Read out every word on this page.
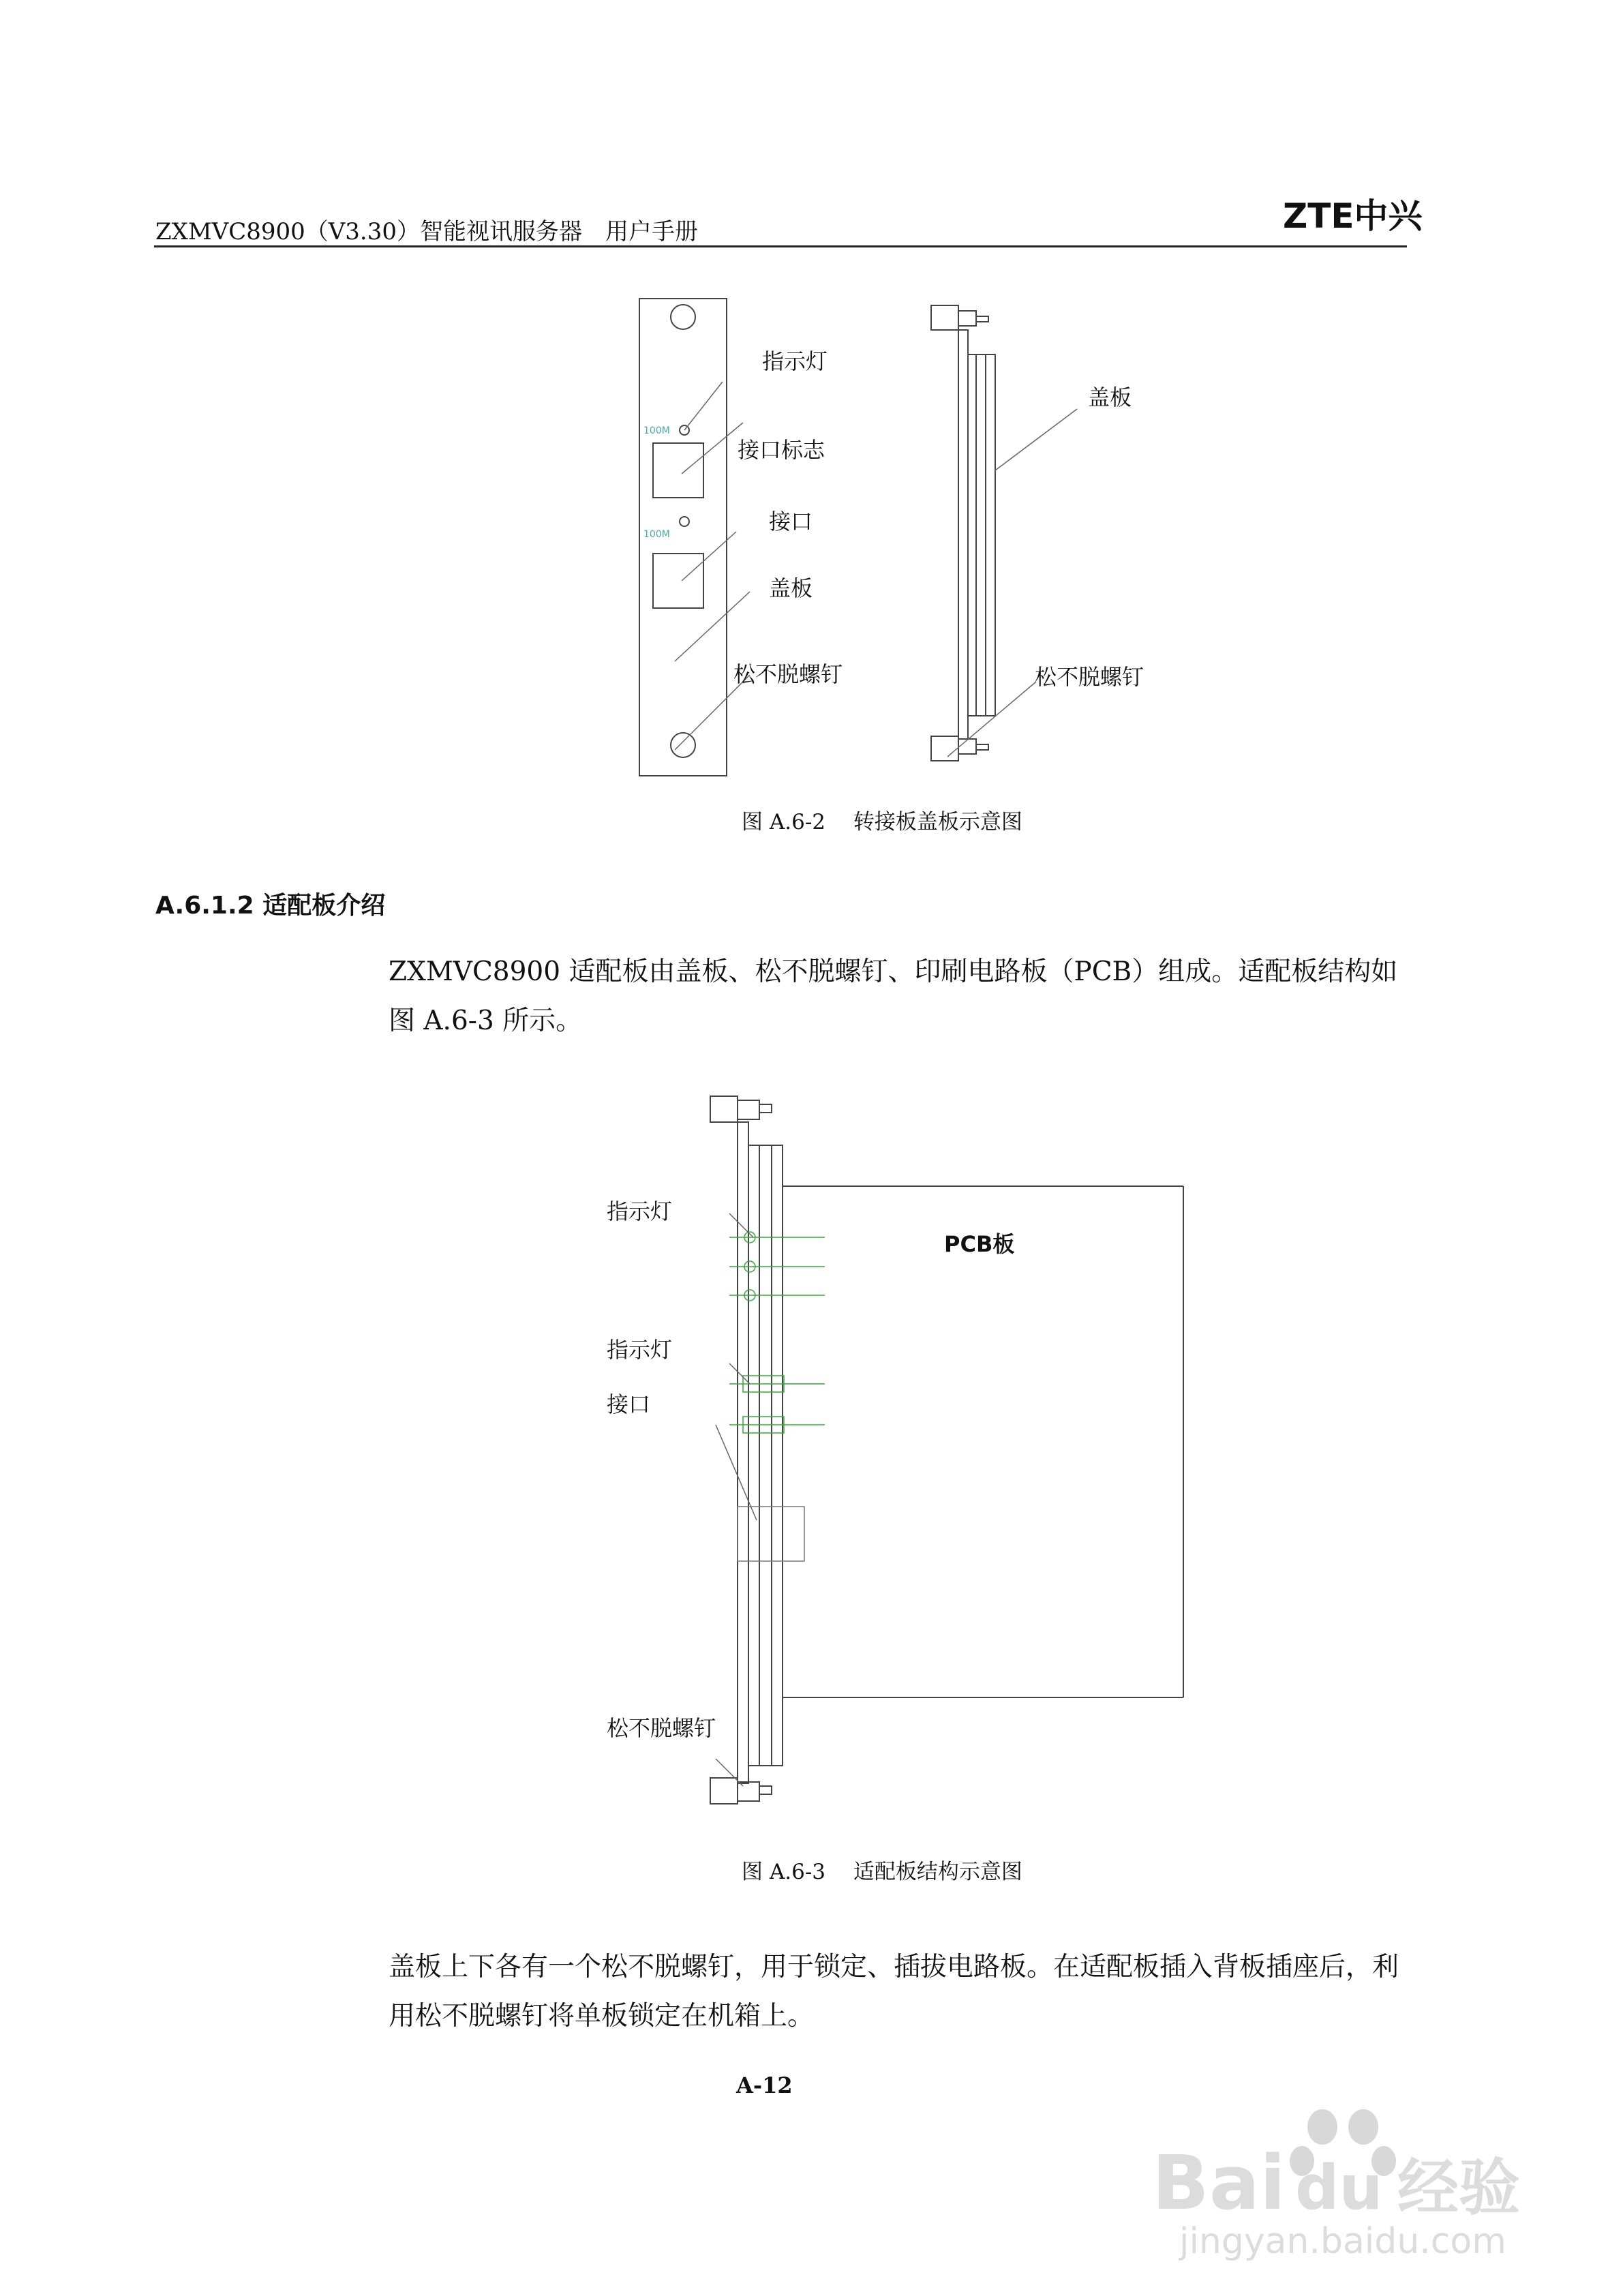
ZXMVC8900（V3.30）智能视讯服务器　用户手册	ZTE中兴
100M
100M
指示灯
接口标志
接口
盖板
松不脱螺钉
盖板
松不脱螺钉
图 A.6-2　 转接板盖板示意图
A.6.1.2 适配板介绍
ZXMVC8900 适配板由盖板、松不脱螺钉、印刷电路板（PCB）组成。适配板结构如图 A.6-3 所示。
指示灯
指示灯
接口
松不脱螺钉
PCB板
图 A.6-3　 适配板结构示意图
盖板上下各有一个松不脱螺钉，用于锁定、插拔电路板。在适配板插入背板插座后，利用松不脱螺钉将单板锁定在机箱上。
A-12
Bai du 经验
jingyan.baidu.com
